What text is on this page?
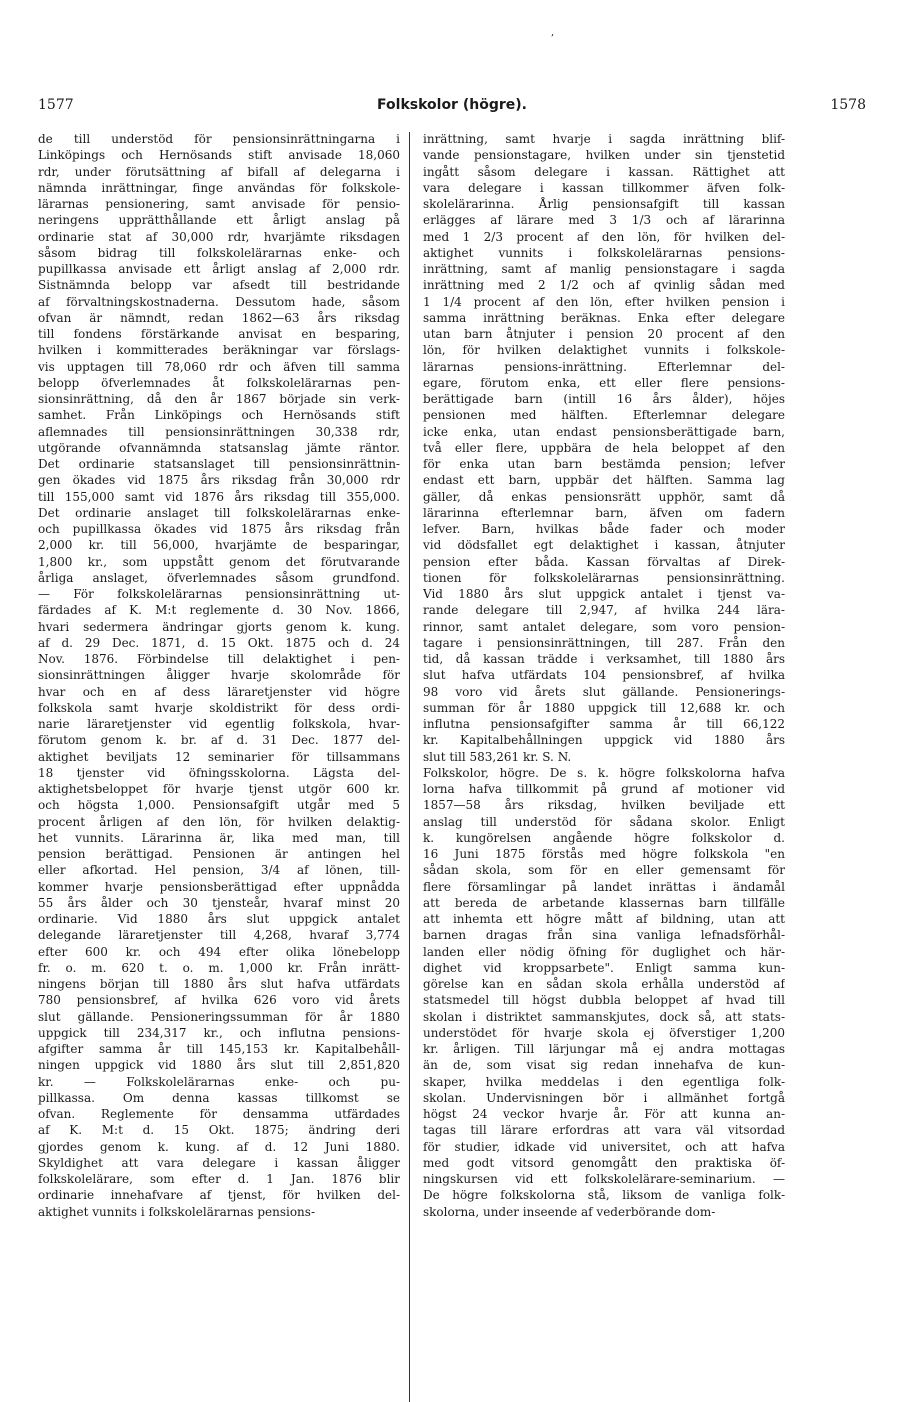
,
1577	Folkskolor (högre).	1578
de till understöd för pensionsinrättningarna i
Linköpings och Hernösands stift anvisade 18,060
rdr, under förutsättning af bifall af delegarna i
nämnda inrättningar, finge användas för folkskole-
lärarnas pensionering, samt anvisade för pensio-
neringens upprätthållande ett årligt anslag på
ordinarie stat af 30,000 rdr, hvarjämte riksdagen
såsom bidrag till folkskolelärarnas enke- och
pupillkassa anvisade ett årligt anslag af 2,000 rdr.
Sistnämnda belopp var afsedt till bestridande
af förvaltningskostnaderna. Dessutom hade, såsom
ofvan är nämndt, redan 1862—63 års riksdag
till fondens förstärkande anvisat en besparing,
hvilken i kommitterades beräkningar var förslags-
vis upptagen till 78,060 rdr och äfven till samma
belopp öfverlemnades åt folkskolelärarnas pen-
sionsinrättning, då den år 1867 började sin verk-
samhet. Från Linköpings och Hernösands stift
aflemnades till pensionsinrättningen 30,338 rdr,
utgörande ofvannämnda statsanslag jämte räntor.
Det ordinarie statsanslaget till pensionsinrättnin-
gen ökades vid 1875 års riksdag från 30,000 rdr
till 155,000 samt vid 1876 års riksdag till 355,000.
Det ordinarie anslaget till folkskolelärarnas enke-
och pupillkassa ökades vid 1875 års riksdag från
2,000 kr. till 56,000, hvarjämte de besparingar,
1,800 kr., som uppstått genom det förutvarande
årliga anslaget, öfverlemnades såsom grundfond.
— För folkskolelärarnas pensionsinrättning ut-
färdades af K. M:t reglemente d. 30 Nov. 1866,
hvari sedermera ändringar gjorts genom k. kung.
af d. 29 Dec. 1871, d. 15 Okt. 1875 och d. 24
Nov. 1876. Förbindelse till delaktighet i pen-
sionsinrättningen åligger hvarje skolområde för
hvar och en af dess läraretjenster vid högre
folkskola samt hvarje skoldistrikt för dess ordi-
narie läraretjenster vid egentlig folkskola, hvar-
förutom genom k. br. af d. 31 Dec. 1877 del-
aktighet beviljats 12 seminarier för tillsammans
18 tjenster vid öfningsskolorna. Lägsta del-
aktighetsbeloppet för hvarje tjenst utgör 600 kr.
och högsta 1,000. Pensionsafgift utgår med 5
procent årligen af den lön, för hvilken delaktig-
het vunnits. Lärarinna är, lika med man, till
pension berättigad. Pensionen är antingen hel
eller afkortad. Hel pension, 3/4 af lönen, till-
kommer hvarje pensionsberättigad efter uppnådda
55 års ålder och 30 tjensteår, hvaraf minst 20
ordinarie. Vid 1880 års slut uppgick antalet
delegande läraretjenster till 4,268, hvaraf 3,774
efter 600 kr. och 494 efter olika lönebelopp
fr. o. m. 620 t. o. m. 1,000 kr. Från inrätt-
ningens början till 1880 års slut hafva utfärdats
780 pensionsbref, af hvilka 626 voro vid årets
slut gällande. Pensioneringssumman för år 1880
uppgick till 234,317 kr., och influtna pensions-
afgifter samma år till 145,153 kr. Kapitalbehåll-
ningen uppgick vid 1880 års slut till 2,851,820
kr. — Folkskolelärarnas enke- och pu-
pillkassa. Om denna kassas tillkomst se
ofvan. Reglemente för densamma utfärdades
af K. M:t d. 15 Okt. 1875; ändring deri
gjordes genom k. kung. af d. 12 Juni 1880.
Skyldighet att vara delegare i kassan åligger
folkskolelärare, som efter d. 1 Jan. 1876 blir
ordinarie innehafvare af tjenst, för hvilken del-
aktighet vunnits i folkskolelärarnas pensions-
inrättning, samt hvarje i sagda inrättning blif-
vande pensionstagare, hvilken under sin tjenstetid
ingått såsom delegare i kassan. Rättighet att
vara delegare i kassan tillkommer äfven folk-
skolelärarinna. Årlig pensionsafgift till kassan
erlägges af lärare med 3 1/3 och af lärarinna
med 1 2/3 procent af den lön, för hvilken del-
aktighet vunnits i folkskolelärarnas pensions-
inrättning, samt af manlig pensionstagare i sagda
inrättning med 2 1/2 och af qvinlig sådan med
1 1/4 procent af den lön, efter hvilken pension i
samma inrättning beräknas. Enka efter delegare
utan barn åtnjuter i pension 20 procent af den
lön, för hvilken delaktighet vunnits i folkskole-
lärarnas pensions-inrättning. Efterlemnar del-
egare, förutom enka, ett eller flere pensions-
berättigade barn (intill 16 års ålder), höjes
pensionen med hälften. Efterlemnar delegare
icke enka, utan endast pensionsberättigade barn,
två eller flere, uppbära de hela beloppet af den
för enka utan barn bestämda pension; lefver
endast ett barn, uppbär det hälften. Samma lag
gäller, då enkas pensionsrätt upphör, samt då
lärarinna efterlemnar barn, äfven om fadern
lefver. Barn, hvilkas både fader och moder
vid dödsfallet egt delaktighet i kassan, åtnjuter
pension efter båda. Kassan förvaltas af Direk-
tionen för folkskolelärarnas pensionsinrättning.
Vid 1880 års slut uppgick antalet i tjenst va-
rande delegare till 2,947, af hvilka 244 lära-
rinnor, samt antalet delegare, som voro pension-
tagare i pensionsinrättningen, till 287. Från den
tid, då kassan trädde i verksamhet, till 1880 års
slut hafva utfärdats 104 pensionsbref, af hvilka
98 voro vid årets slut gällande. Pensionerings-
summan för år 1880 uppgick till 12,688 kr. och
influtna pensionsafgifter samma år till 66,122
kr. Kapitalbehållningen uppgick vid 1880 års
slut till 583,261 kr. S. N.
Folkskolor, högre. De s. k. högre folkskolorna hafva
lorna hafva tillkommit på grund af motioner vid
1857—58 års riksdag, hvilken beviljade ett
anslag till understöd för sådana skolor. Enligt
k. kungörelsen angående högre folkskolor d.
16 Juni 1875 förstås med högre folkskola "en
sådan skola, som för en eller gemensamt för
flere församlingar på landet inrättas i ändamål
att bereda de arbetande klassernas barn tillfälle
att inhemta ett högre mått af bildning, utan att
barnen dragas från sina vanliga lefnadsförhål-
landen eller nödig öfning för duglighet och här-
dighet vid kroppsarbete". Enligt samma kun-
görelse kan en sådan skola erhålla understöd af
statsmedel till högst dubbla beloppet af hvad till
skolan i distriktet sammanskjutes, dock så, att stats-
understödet för hvarje skola ej öfverstiger 1,200
kr. årligen. Till lärjungar må ej andra mottagas
än de, som visat sig redan innehafva de kun-
skaper, hvilka meddelas i den egentliga folk-
skolan. Undervisningen bör i allmänhet fortgå
högst 24 veckor hvarje år. För att kunna an-
tagas till lärare erfordras att vara väl vitsordad
för studier, idkade vid universitet, och att hafva
med godt vitsord genomgått den praktiska öf-
ningskursen vid ett folkskolelärare-seminarium. —
De högre folkskolorna stå, liksom de vanliga folk-
skolorna, under inseende af vederbörande dom-
